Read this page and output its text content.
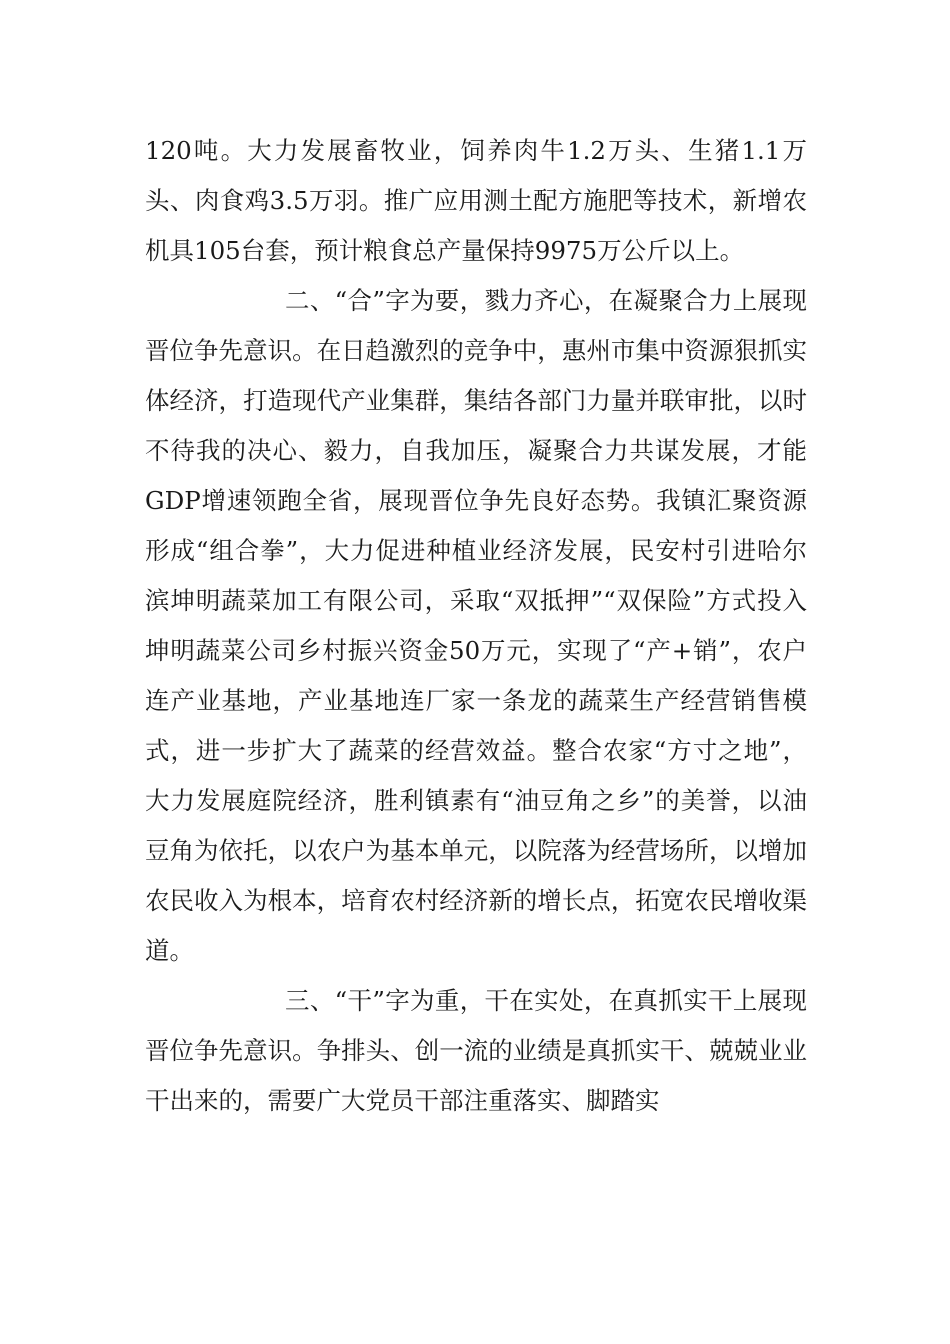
120吨。大力发展畜牧业，饲养肉牛1.2万头、生猪1.1万头、肉食鸡3.5万羽。推广应用测土配方施肥等技术，新增农机具105台套，预计粮食总产量保持9975万公斤以上。

二、“合”字为要，戮力齐心，在凝聚合力上展现晋位争先意识。在日趋激烈的竞争中，惠州市集中资源狠抓实体经济，打造现代产业集群，集结各部门力量并联审批，以时不待我的决心、毅力，自我加压，凝聚合力共谋发展，才能GDP增速领跑全省，展现晋位争先良好态势。我镇汇聚资源形成“组合拳”，大力促进种植业经济发展，民安村引进哈尔滨坤明蔬菜加工有限公司，采取“双抵押”“双保险”方式投入坤明蔬菜公司乡村振兴资金50万元，实现了“产+销”，农户连产业基地，产业基地连厂家一条龙的蔬菜生产经营销售模式，进一步扩大了蔬菜的经营效益。整合农家“方寸之地”，大力发展庭院经济，胜利镇素有“油豆角之乡”的美誉，以油豆角为依托，以农户为基本单元，以院落为经营场所，以增加农民收入为根本，培育农村经济新的增长点，拓宽农民增收渠道。

三、“干”字为重，干在实处，在真抓实干上展现晋位争先意识。争排头、创一流的业绩是真抓实干、兢兢业业干出来的，需要广大党员干部注重落实、脚踏实
